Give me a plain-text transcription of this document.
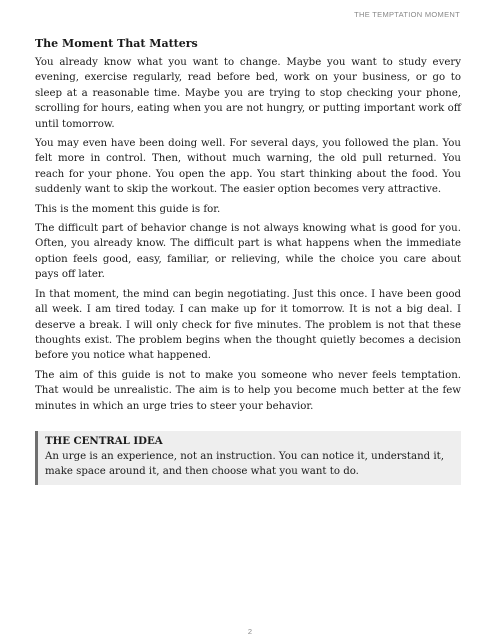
THE TEMPTATION MOMENT
The Moment That Matters

You already know what you want to change. Maybe you want to study every evening, exercise regularly, read before bed, work on your business, or go to sleep at a reasonable time. Maybe you are trying to stop checking your phone, scrolling for hours, eating when you are not hungry, or putting important work off until tomorrow.

You may even have been doing well. For several days, you followed the plan. You felt more in control. Then, without much warning, the old pull returned. You reach for your phone. You open the app. You start thinking about the food. You suddenly want to skip the workout. The easier option becomes very attractive.

This is the moment this guide is for.

The difficult part of behavior change is not always knowing what is good for you. Often, you already know. The difficult part is what happens when the immediate option feels good, easy, familiar, or relieving, while the choice you care about pays off later.

In that moment, the mind can begin negotiating. Just this once. I have been good all week. I am tired today. I can make up for it tomorrow. It is not a big deal. I deserve a break. I will only check for five minutes. The problem is not that these thoughts exist. The problem begins when the thought quietly becomes a decision before you notice what happened.

The aim of this guide is not to make you someone who never feels temptation. That would be unrealistic. The aim is to help you become much better at the few minutes in which an urge tries to steer your behavior.

THE CENTRAL IDEA
An urge is an experience, not an instruction. You can notice it, understand it, make space around it, and then choose what you want to do.
2
